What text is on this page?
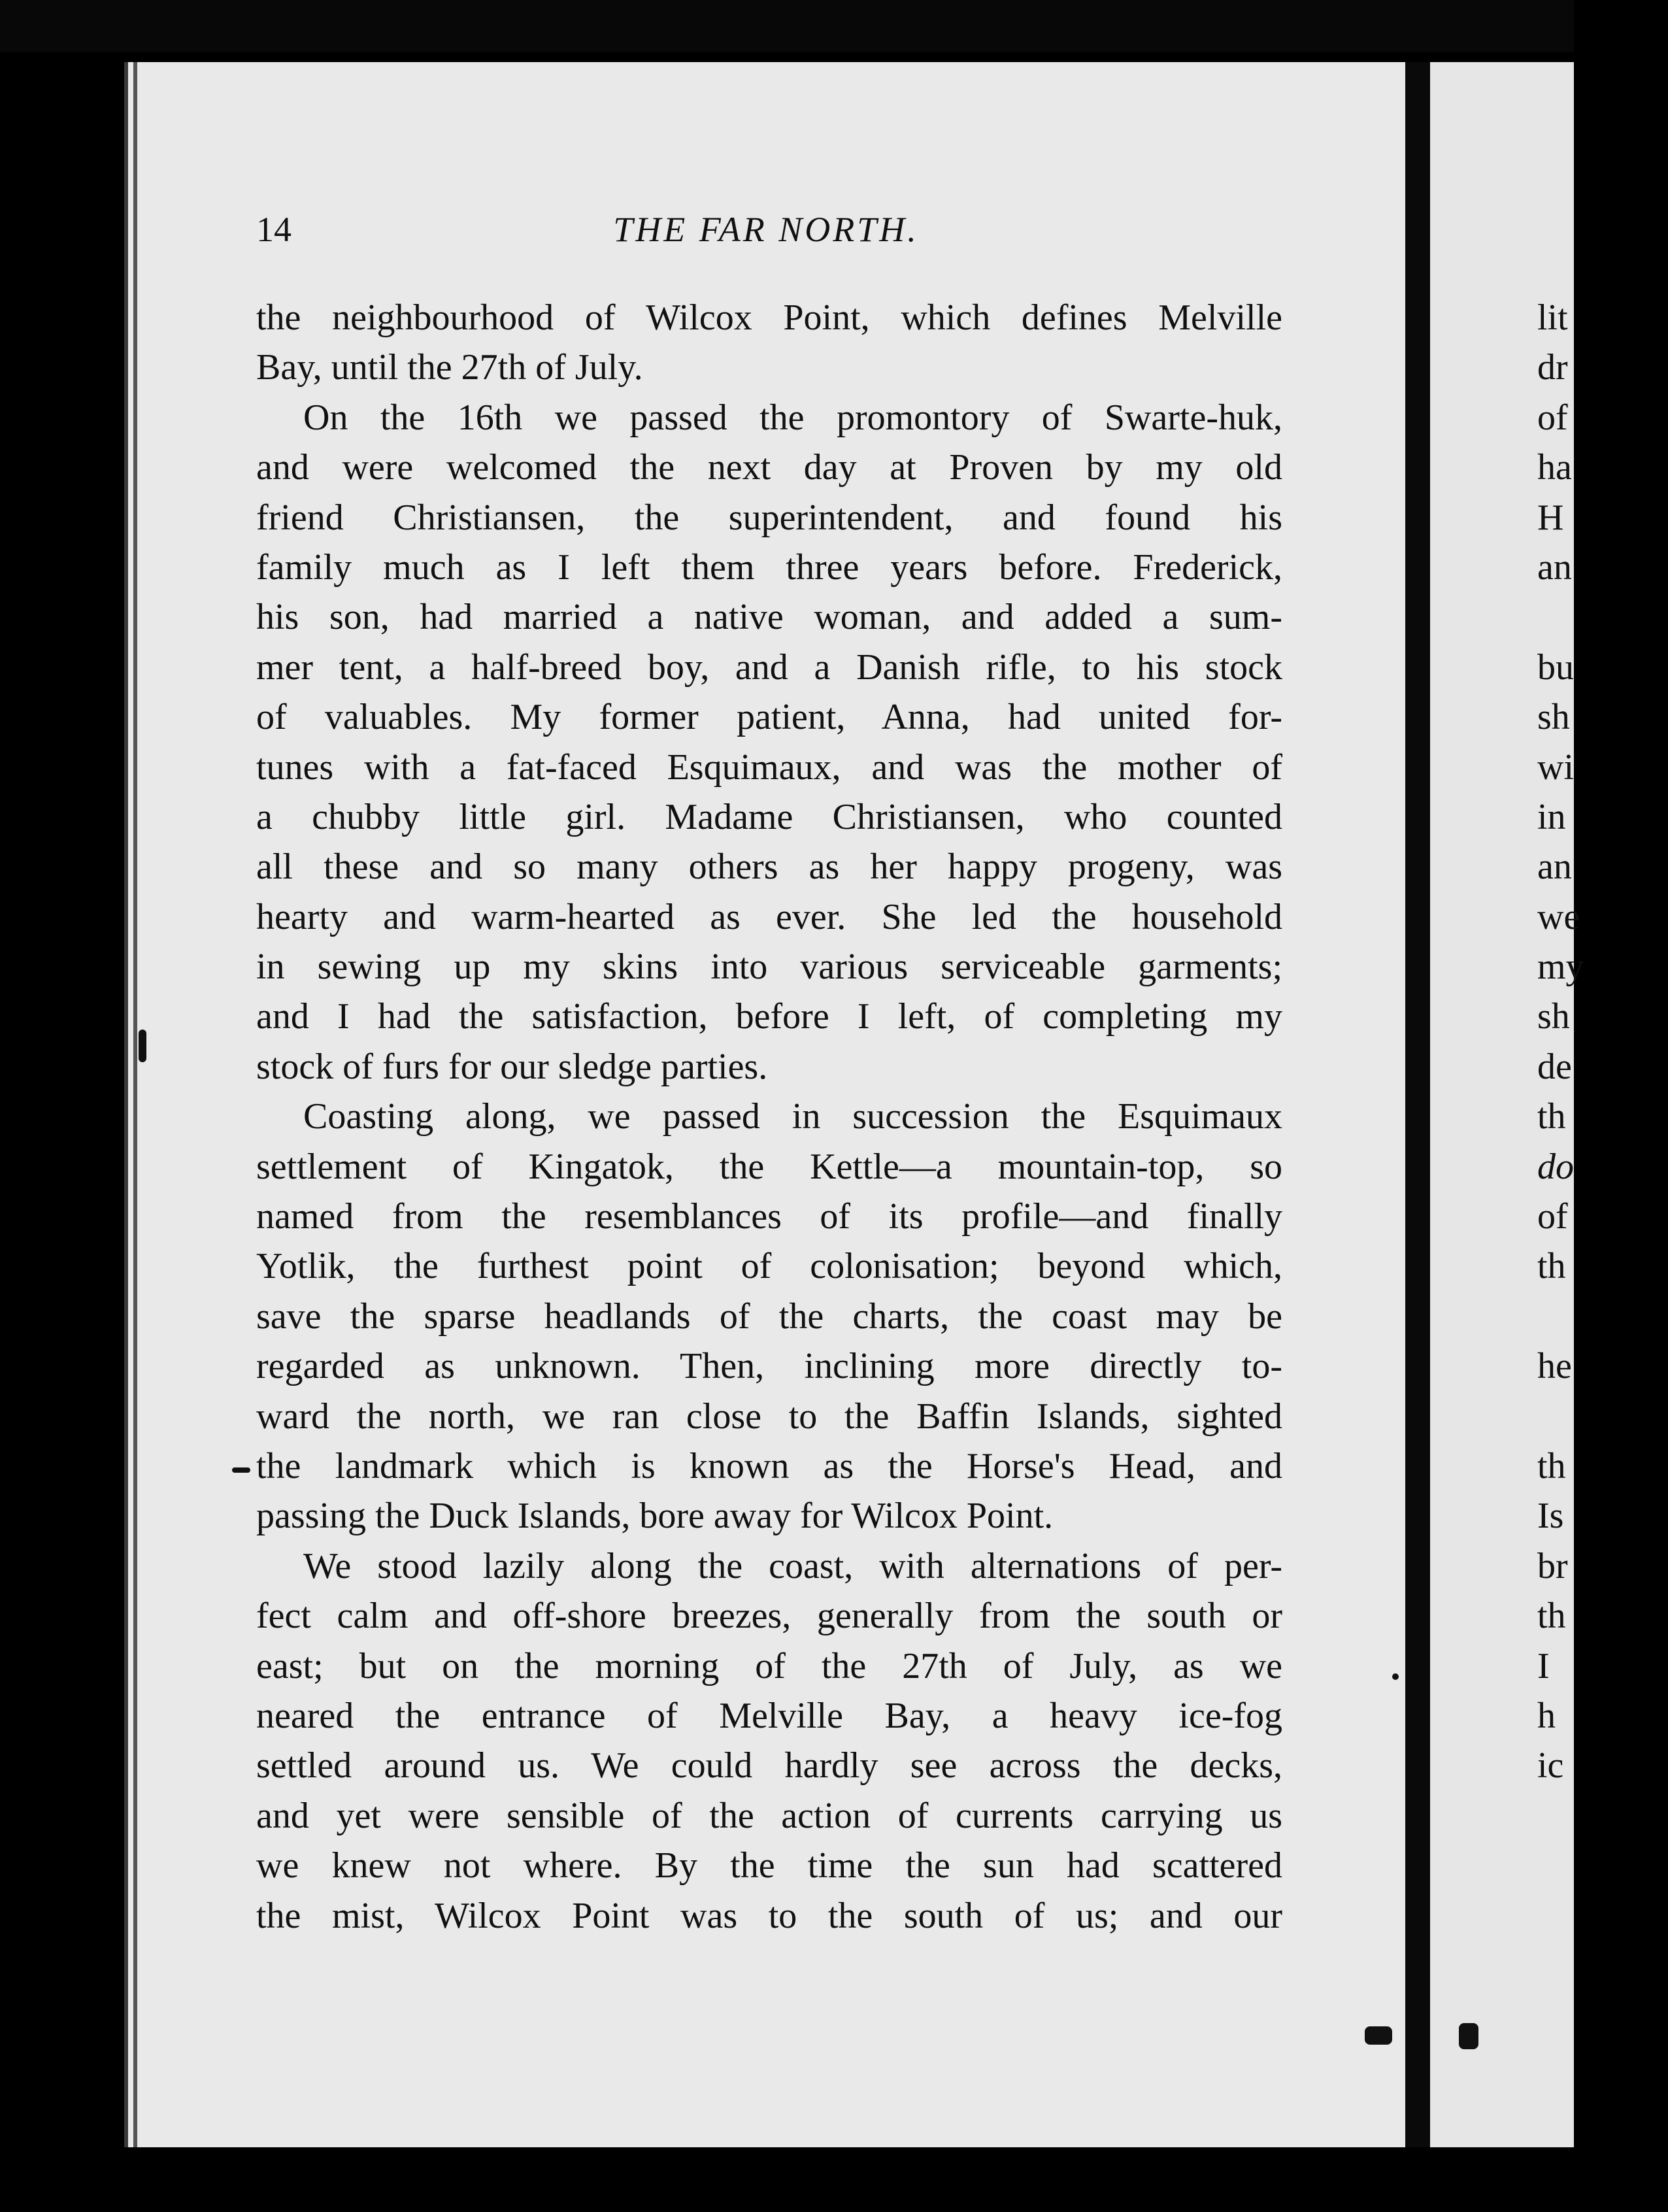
14	THE FAR NORTH.
the neighbourhood of Wilcox Point, which defines Melville
Bay, until the 27th of July.
On the 16th we passed the promontory of Swarte-huk,
and were welcomed the next day at Proven by my old
friend Christiansen, the superintendent, and found his
family much as I left them three years before. Frederick,
his son, had married a native woman, and added a sum-
mer tent, a half-breed boy, and a Danish rifle, to his stock
of valuables. My former patient, Anna, had united for-
tunes with a fat-faced Esquimaux, and was the mother of
a chubby little girl. Madame Christiansen, who counted
all these and so many others as her happy progeny, was
hearty and warm-hearted as ever. She led the household
in sewing up my skins into various serviceable garments;
and I had the satisfaction, before I left, of completing my
stock of furs for our sledge parties.
Coasting along, we passed in succession the Esquimaux
settlement of Kingatok, the Kettle—a mountain-top, so
named from the resemblances of its profile—and finally
Yotlik, the furthest point of colonisation; beyond which,
save the sparse headlands of the charts, the coast may be
regarded as unknown. Then, inclining more directly to-
ward the north, we ran close to the Baffin Islands, sighted
the landmark which is known as the Horse's Head, and
passing the Duck Islands, bore away for Wilcox Point.
We stood lazily along the coast, with alternations of per-
fect calm and off-shore breezes, generally from the south or
east; but on the morning of the 27th of July, as we
neared the entrance of Melville Bay, a heavy ice-fog
settled around us. We could hardly see across the decks,
and yet were sensible of the action of currents carrying us
we knew not where. By the time the sun had scattered
the mist, Wilcox Point was to the south of us; and our
lit
dr
of
ha
H
an
bu
sh
wi
in
an
we
my
sh
de
th
do
of
th
he
th
Is
br
th
I
h
ic
